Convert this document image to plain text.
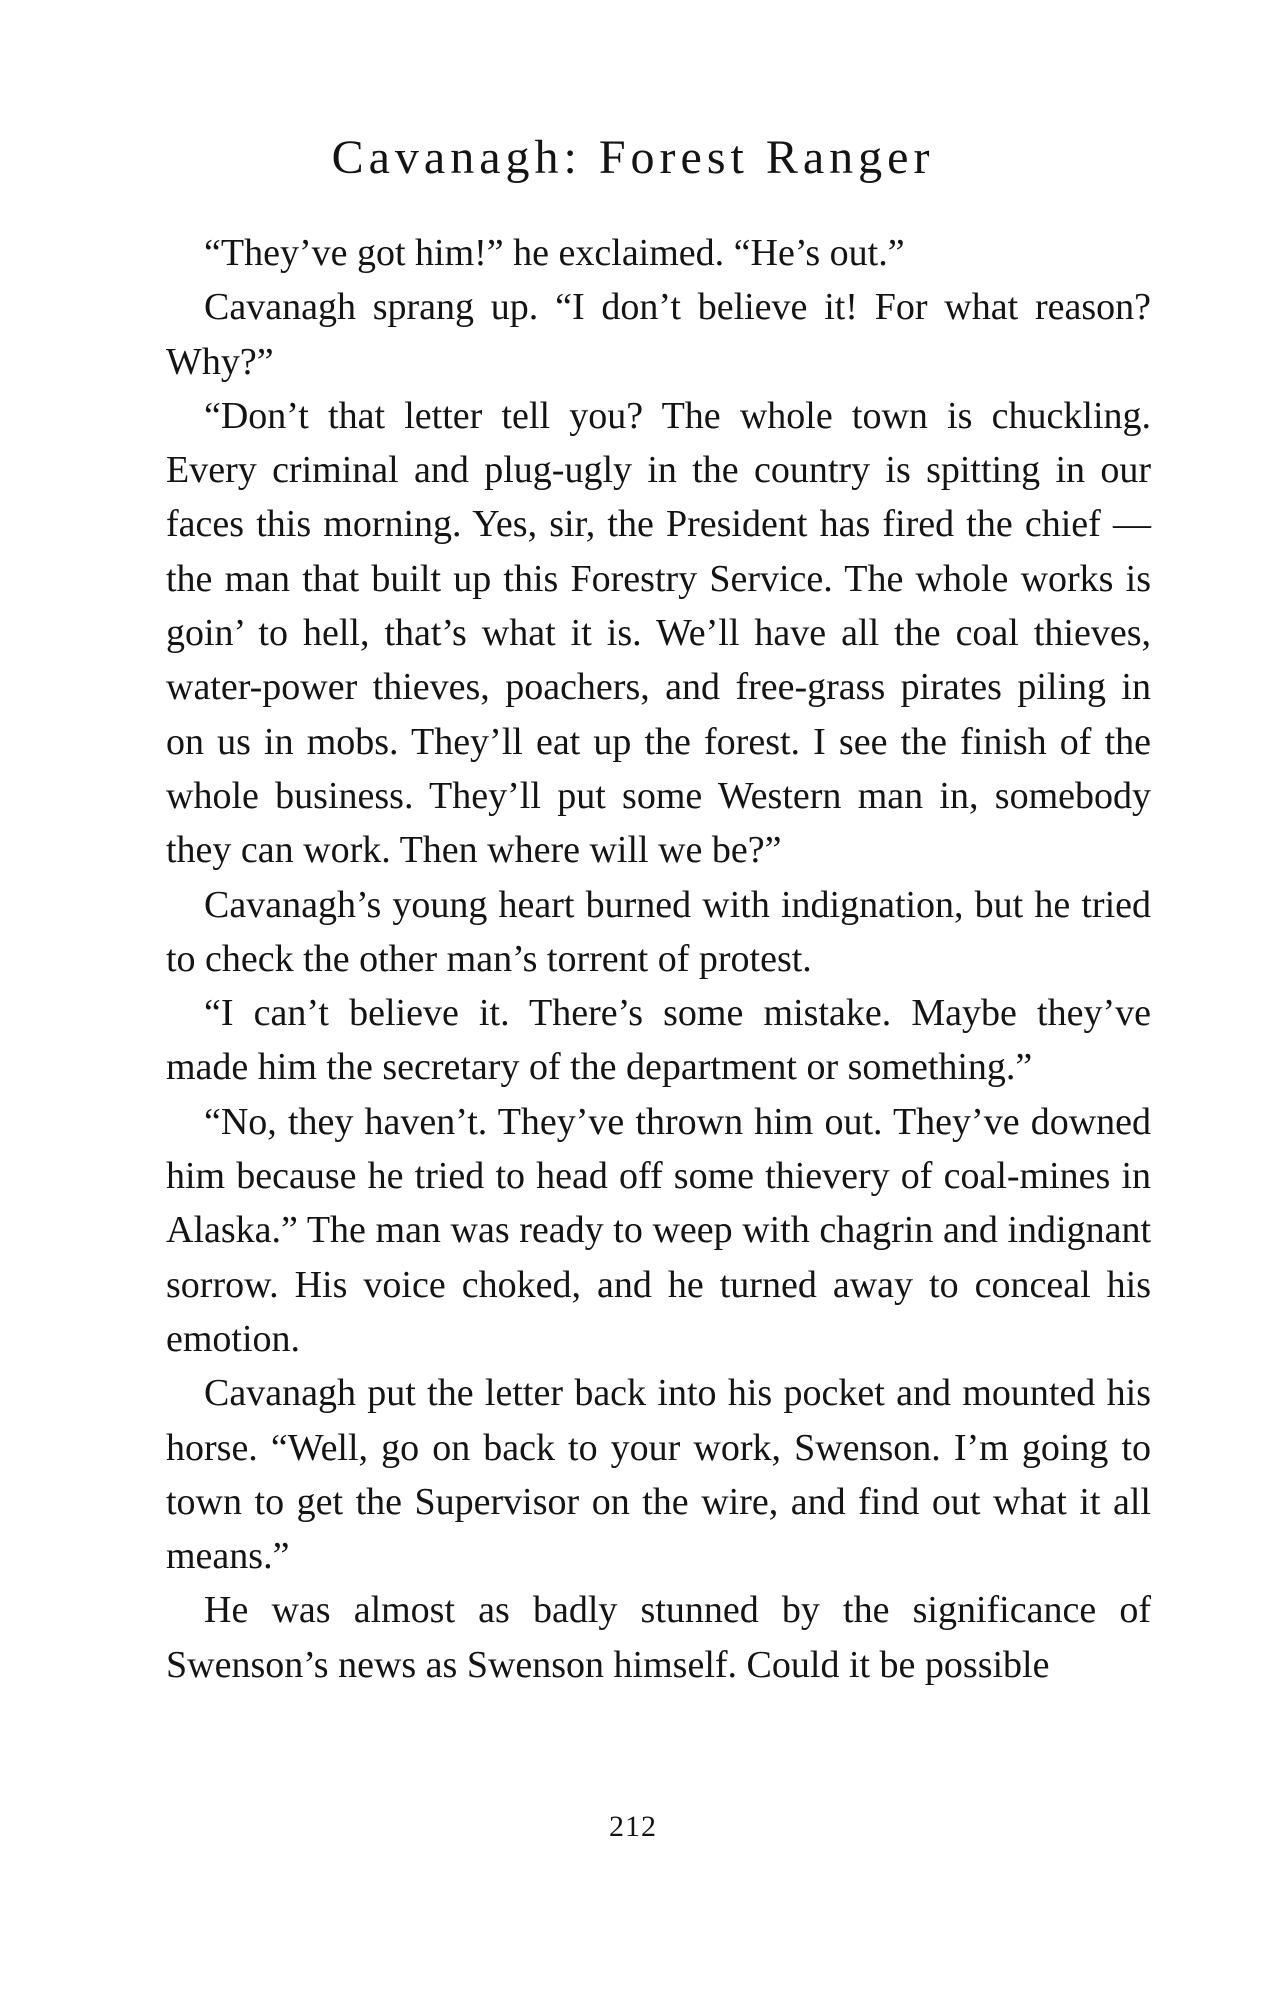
Cavanagh: Forest Ranger

“They’ve got him!” he exclaimed. “He’s out.”

Cavanagh sprang up. “I don’t believe it! For what reason? Why?”

“Don’t that letter tell you? The whole town is chuckling. Every criminal and plug-ugly in the country is spitting in our faces this morning. Yes, sir, the President has fired the chief — the man that built up this Forestry Service. The whole works is goin’ to hell, that’s what it is. We’ll have all the coal thieves, water-power thieves, poachers, and free-grass pirates piling in on us in mobs. They’ll eat up the forest. I see the finish of the whole business. They’ll put some Western man in, somebody they can work. Then where will we be?”

Cavanagh’s young heart burned with indignation, but he tried to check the other man’s torrent of protest.

“I can’t believe it. There’s some mistake. Maybe they’ve made him the secretary of the department or something.”

“No, they haven’t. They’ve thrown him out. They’ve downed him because he tried to head off some thievery of coal-mines in Alaska.” The man was ready to weep with chagrin and indignant sorrow. His voice choked, and he turned away to conceal his emotion.

Cavanagh put the letter back into his pocket and mounted his horse. “Well, go on back to your work, Swenson. I’m going to town to get the Supervisor on the wire, and find out what it all means.”

He was almost as badly stunned by the significance of Swenson’s news as Swenson himself. Could it be possible

212
